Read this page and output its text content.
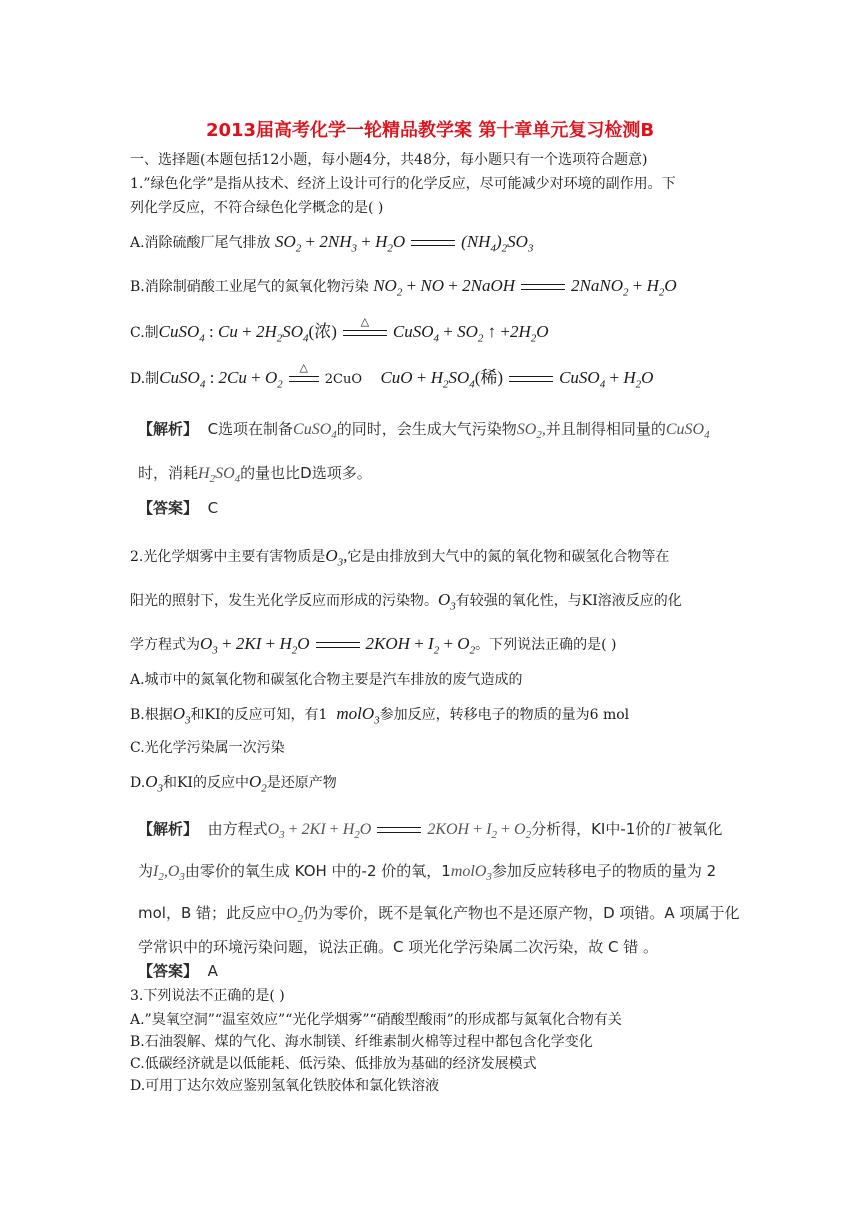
2013届高考化学一轮精品教学案 第十章单元复习检测B
一、选择题(本题包括12小题，每小题4分，共48分，每小题只有一个选项符合题意)
1.”绿色化学”是指从技术、经济上设计可行的化学反应，尽可能减少对环境的副作用。下
列化学反应，不符合绿色化学概念的是( )
A.消除硫酸厂尾气排放 $SO_2 + 2NH_3 + H_2O$	$(NH_4)_2SO_3$
B.消除制硝酸工业尾气的氮氧化物污染 $NO_2$ + NO + 2NaOH	2NaNO$_2$ + $H_2O$
C.制CuSO$_4$ : $Cu + 2H_2SO_4$(浓) △ CuSO$_4$ + $SO_2$ ↑ $+2H_2O$
D.制CuSO$_4$ : $2Cu + O_2$
△
2CuO CuO + $H_2SO_4$(稀)	CuSO$_4$ + $H_2O$
【解析】 C选项在制备CuSO$_4$的同时，会生成大气污染物$SO_2$,并且制得相同量的CuSO$_4$
时，消耗$H_2SO_4$的量也比D选项多。
【答案】 C
2.光化学烟雾中主要有害物质是$O_3$,它是由排放到大气中的氮的氧化物和碳氢化合物等在
阳光的照射下，发生光化学反应而形成的污染物。$O_3$有较强的氧化性，与KI溶液反应的化
学方程式为$O_3 + 2KI + H_2O$	$2KOH + I_2 + O_2$。下列说法正确的是( )
A.城市中的氮氧化物和碳氢化合物主要是汽车排放的废气造成的
B.根据$O_3$和KI的反应可知，有1 molO$_3$参加反应，转移电子的物质的量为6 mol
C.光化学污染属一次污染
$D.O_3$和KI的反应中$O_2$是还原产物
【解析】 由方程式$O_3 + 2KI + H_2O$	$2KOH + I_2 + O_2$分析得，KI中-1价的I−被氧化
为$I_2,O_3$由零价的氧生成 KOH 中的-2 价的氧，1molO$_3$参加反应转移电子的物质的量为 2
mol，B 错；此反应中$O_2$仍为零价，既不是氧化产物也不是还原产物，D 项错。A 项属于化
学常识中的环境污染问题，说法正确。C 项光化学污染属二次污染，故 C 错 。
【答案】 A
3.下列说法不正确的是( )
A.”臭氧空洞”“温室效应”“光化学烟雾”“硝酸型酸雨”的形成都与氮氧化合物有关
B.石油裂解、煤的气化、海水制镁、纤维素制火棉等过程中都包含化学变化
C.低碳经济就是以低能耗、低污染、低排放为基础的经济发展模式
D.可用丁达尔效应鉴别氢氧化铁胶体和氯化铁溶液
